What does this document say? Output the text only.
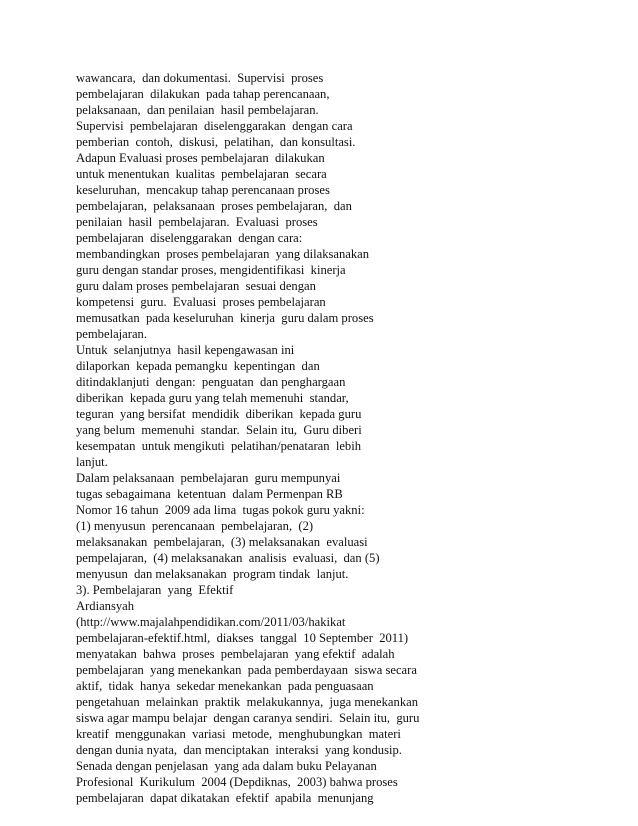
wawancara,  dan dokumentasi.  Supervisi  proses
pembelajaran  dilakukan  pada tahap perencanaan,
pelaksanaan,  dan penilaian  hasil pembelajaran.
Supervisi  pembelajaran  diselenggarakan  dengan cara
pemberian  contoh,  diskusi,  pelatihan,  dan konsultasi.
Adapun Evaluasi proses pembelajaran  dilakukan
untuk menentukan  kualitas  pembelajaran  secara
keseluruhan,  mencakup tahap perencanaan proses
pembelajaran,  pelaksanaan  proses pembelajaran,  dan
penilaian  hasil  pembelajaran.  Evaluasi  proses
pembelajaran  diselenggarakan  dengan cara:
membandingkan  proses pembelajaran  yang dilaksanakan
guru dengan standar proses, mengidentifikasi  kinerja
guru dalam proses pembelajaran  sesuai dengan
kompetensi  guru.  Evaluasi  proses pembelajaran
memusatkan  pada keseluruhan  kinerja  guru dalam proses
pembelajaran.
Untuk  selanjutnya  hasil kepengawasan ini
dilaporkan  kepada pemangku  kepentingan  dan
ditindaklanjuti  dengan:  penguatan  dan penghargaan
diberikan  kepada guru yang telah memenuhi  standar,
teguran  yang bersifat  mendidik  diberikan  kepada guru
yang belum  memenuhi  standar.  Selain itu,  Guru diberi
kesempatan  untuk mengikuti  pelatihan/penataran  lebih
lanjut.
Dalam pelaksanaan  pembelajaran  guru mempunyai
tugas sebagaimana  ketentuan  dalam Permenpan RB
Nomor 16 tahun  2009 ada lima  tugas pokok guru yakni:
(1) menyusun  perencanaan  pembelajaran,  (2)
melaksanakan  pembelajaran,  (3) melaksanakan  evaluasi
pempelajaran,  (4) melaksanakan  analisis  evaluasi,  dan (5)
menyusun  dan melaksanakan  program tindak  lanjut.
3). Pembelajaran  yang  Efektif
Ardiansyah
(http://www.majalahpendidikan.com/2011/03/hakikat
pembelajaran-efektif.html,  diakses  tanggal  10 September  2011)
menyatakan  bahwa  proses  pembelajaran  yang efektif  adalah
pembelajaran  yang menekankan  pada pemberdayaan  siswa secara
aktif,  tidak  hanya  sekedar menekankan  pada penguasaan
pengetahuan  melainkan  praktik  melakukannya,  juga menekankan
siswa agar mampu belajar  dengan caranya sendiri.  Selain itu,  guru
kreatif  menggunakan  variasi  metode,  menghubungkan  materi
dengan dunia nyata,  dan menciptakan  interaksi  yang kondusip.
Senada dengan penjelasan  yang ada dalam buku Pelayanan
Profesional  Kurikulum  2004 (Depdiknas,  2003) bahwa proses
pembelajaran  dapat dikatakan  efektif  apabila  menunjang
